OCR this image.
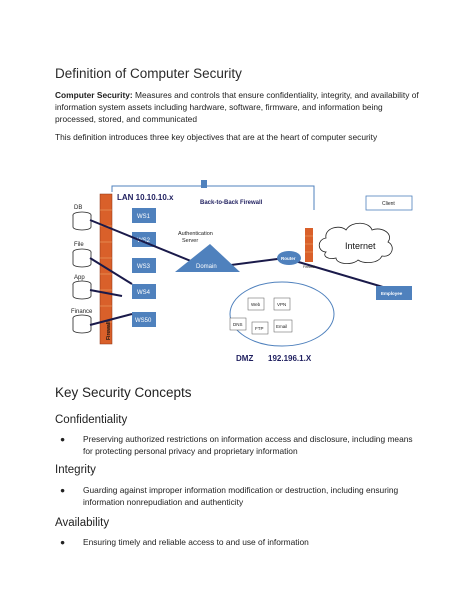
Definition of Computer Security
Computer Security: Measures and controls that ensure confidentiality, integrity, and availability of information system assets including hardware, software, firmware, and information being processed, stored, and communicated
This definition introduces three key objectives that are at the heart of computer security
Back-to-Back Firewall
LAN 10.10.10.x
DB
File
App
Finance
Firewall
WS1
WS2
WS3
WS4
WS50
Authentication
Server
Domain
Router
Firewall
Internet
Client
Employee
Web	VPN
DNS
FTP	Email
DMZ 192.196.1.X
Key Security Concepts
Confidentiality
● Preserving authorized restrictions on information access and disclosure, including means for protecting personal privacy and proprietary information
Integrity
● Guarding against improper information modification or destruction, including ensuring information nonrepudiation and authenticity
Availability
● Ensuring timely and reliable access to and use of information
